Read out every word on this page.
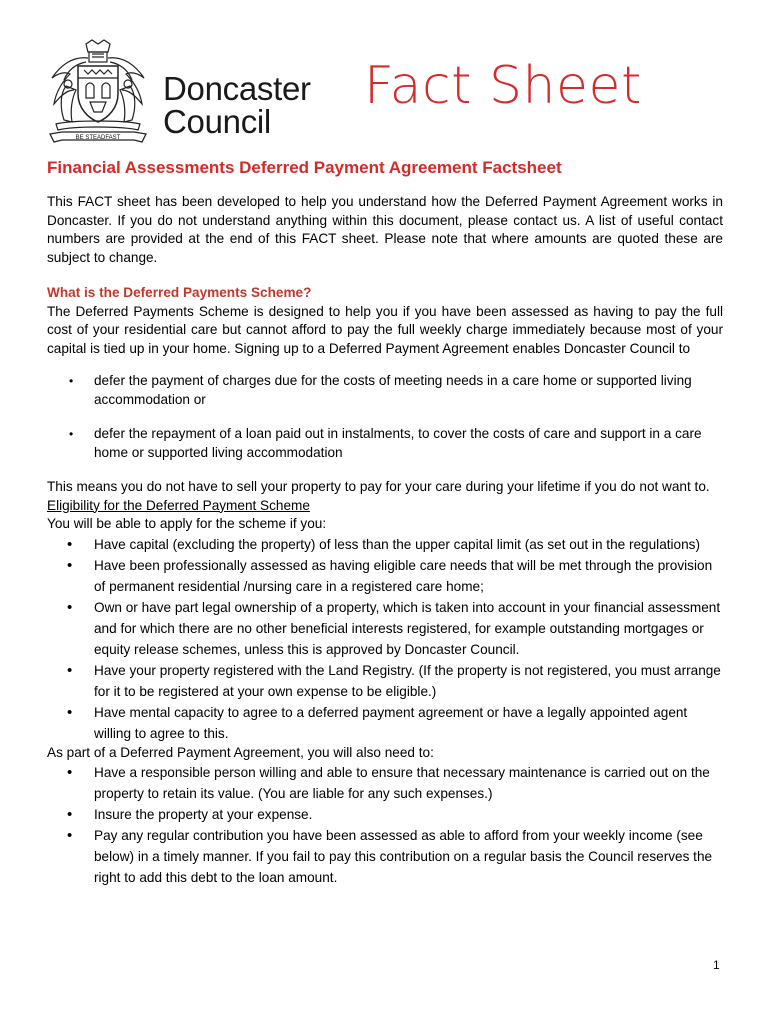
BE STEADFAST
Doncaster
Council
Fact Sheet
Financial Assessments Deferred Payment Agreement Factsheet

This FACT sheet has been developed to help you understand how the Deferred Payment Agreement works in Doncaster. If you do not understand anything within this document, please contact us. A list of useful contact numbers are provided at the end of this FACT sheet. Please note that where amounts are quoted these are subject to change.

What is the Deferred Payments Scheme?

The Deferred Payments Scheme is designed to help you if you have been assessed as having to pay the full cost of your residential care but cannot afford to pay the full weekly charge immediately because most of your capital is tied up in your home. Signing up to a Deferred Payment Agreement enables Doncaster Council to

• defer the payment of charges due for the costs of meeting needs in a care home or supported living accommodation or
• defer the repayment of a loan paid out in instalments, to cover the costs of care and support in a care home or supported living accommodation

This means you do not have to sell your property to pay for your care during your lifetime if you do not want to.

Eligibility for the Deferred Payment Scheme

You will be able to apply for the scheme if you:

• Have capital (excluding the property) of less than the upper capital limit (as set out in the regulations)
• Have been professionally assessed as having eligible care needs that will be met through the provision of permanent residential /nursing care in a registered care home;
• Own or have part legal ownership of a property, which is taken into account in your financial assessment and for which there are no other beneficial interests registered, for example outstanding mortgages or equity release schemes, unless this is approved by Doncaster Council.
• Have your property registered with the Land Registry. (If the property is not registered, you must arrange for it to be registered at your own expense to be eligible.)
• Have mental capacity to agree to a deferred payment agreement or have a legally appointed agent willing to agree to this.

As part of a Deferred Payment Agreement, you will also need to:

• Have a responsible person willing and able to ensure that necessary maintenance is carried out on the property to retain its value. (You are liable for any such expenses.)
• Insure the property at your expense.
• Pay any regular contribution you have been assessed as able to afford from your weekly income (see below) in a timely manner. If you fail to pay this contribution on a regular basis the Council reserves the right to add this debt to the loan amount.
1
